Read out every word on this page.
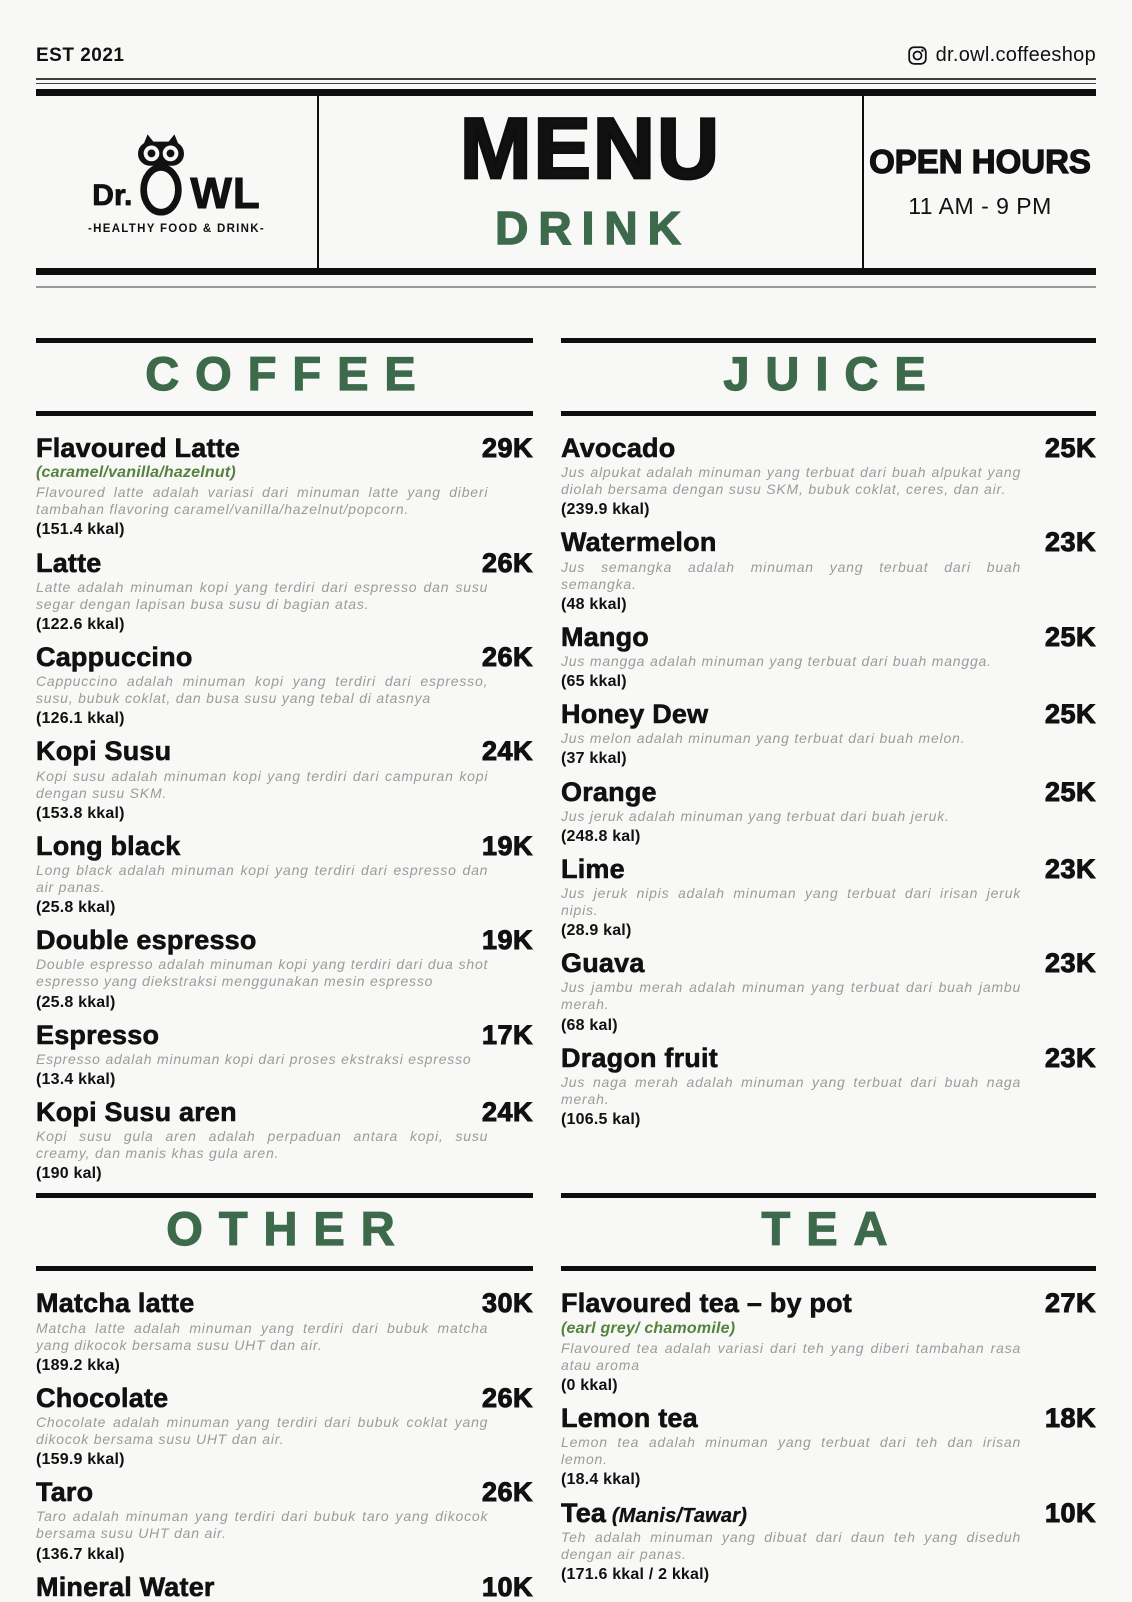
EST 2021	dr.owl.coffeeshop
Dr. WL
-HEALTHY FOOD & DRINK-
MENU
DRINK
OPEN HOURS
11 AM - 9 PM
COFFEE
Flavoured Latte	29K
(caramel/vanilla/hazelnut)
Flavoured latte adalah variasi dari minuman latte yang diberi tambahan flavoring caramel/vanilla/hazelnut/popcorn.
(151.4 kkal)
Latte	26K
Latte adalah minuman kopi yang terdiri dari espresso dan susu segar dengan lapisan busa susu di bagian atas.
(122.6 kkal)
Cappuccino	26K
Cappuccino adalah minuman kopi yang terdiri dari espresso, susu, bubuk coklat, dan busa susu yang tebal di atasnya
(126.1 kkal)
Kopi Susu	24K
Kopi susu adalah minuman kopi yang terdiri dari campuran kopi dengan susu SKM.
(153.8 kkal)
Long black	19K
Long black adalah minuman kopi yang terdiri dari espresso dan air panas.
(25.8 kkal)
Double espresso	19K
Double espresso adalah minuman kopi yang terdiri dari dua shot espresso yang diekstraksi menggunakan mesin espresso
(25.8 kkal)
Espresso	17K
Espresso adalah minuman kopi dari proses ekstraksi espresso
(13.4 kkal)
Kopi Susu aren	24K
Kopi susu gula aren adalah perpaduan antara kopi, susu creamy, dan manis khas gula aren.
(190 kal)
JUICE
Avocado	25K
Jus alpukat adalah minuman yang terbuat dari buah alpukat yang diolah bersama dengan susu SKM, bubuk coklat, ceres, dan air.
(239.9 kkal)
Watermelon	23K
Jus semangka adalah minuman yang terbuat dari buah semangka.
(48 kkal)
Mango	25K
Jus mangga adalah minuman yang terbuat dari buah mangga.
(65 kkal)
Honey Dew	25K
Jus melon adalah minuman yang terbuat dari buah melon.
(37 kkal)
Orange	25K
Jus jeruk adalah minuman yang terbuat dari buah jeruk.
(248.8 kal)
Lime	23K
Jus jeruk nipis adalah minuman yang terbuat dari irisan jeruk nipis.
(28.9 kal)
Guava	23K
Jus jambu merah adalah minuman yang terbuat dari buah jambu merah.
(68 kal)
Dragon fruit	23K
Jus naga merah adalah minuman yang terbuat dari buah naga merah.
(106.5 kal)
OTHER
Matcha latte	30K
Matcha latte adalah minuman yang terdiri dari bubuk matcha yang dikocok bersama susu UHT dan air.
(189.2 kka)
Chocolate	26K
Chocolate adalah minuman yang terdiri dari bubuk coklat yang dikocok bersama susu UHT dan air.
(159.9 kkal)
Taro	26K
Taro adalah minuman yang terdiri dari bubuk taro yang dikocok bersama susu UHT dan air.
(136.7 kkal)
Mineral Water	10K
TEA
Flavoured tea – by pot	27K
(earl grey/ chamomile)
Flavoured tea adalah variasi dari teh yang diberi tambahan rasa atau aroma
(0 kkal)
Lemon tea	18K
Lemon tea adalah minuman yang terbuat dari teh dan irisan lemon.
(18.4 kkal)
Tea (Manis/Tawar)	10K
Teh adalah minuman yang dibuat dari daun teh yang diseduh dengan air panas.
(171.6 kkal / 2 kkal)
